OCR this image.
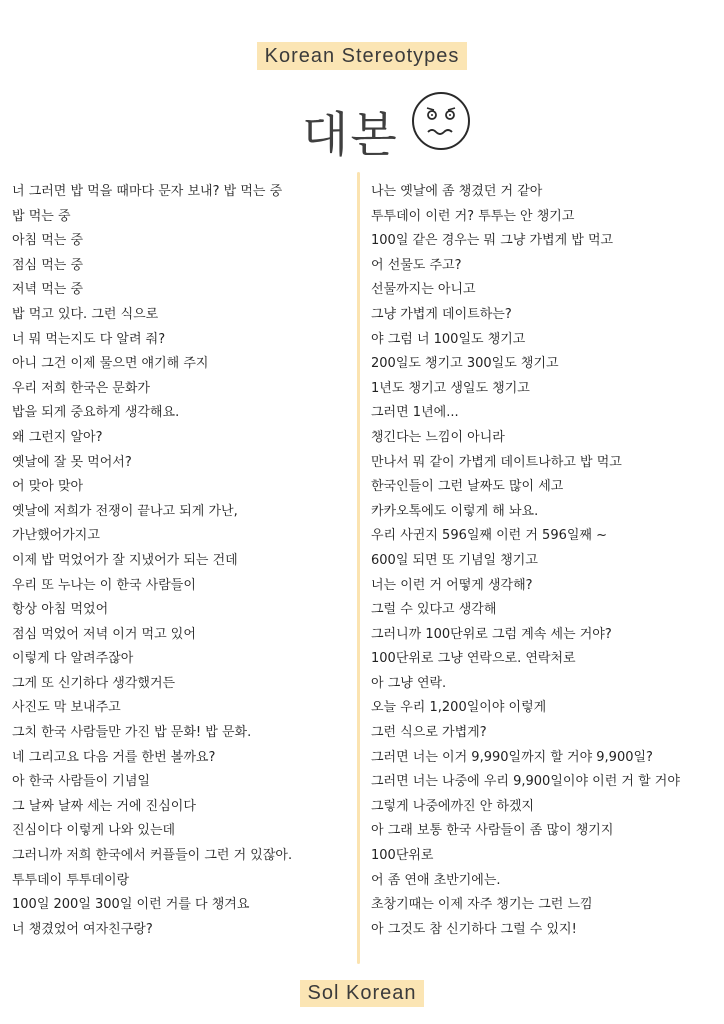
Korean Stereotypes
대본
너 그러면 밥 먹을 때마다 문자 보내? 밥 먹는 중
밥 먹는 중
아침 먹는 중
점심 먹는 중
저녁 먹는 중
밥 먹고 있다. 그런 식으로
너 뭐 먹는지도 다 알려 줘?
아니 그건 이제 물으면 얘기해 주지
우리 저희 한국은 문화가
밥을 되게 중요하게 생각해요.
왜 그런지 알아?
옛날에 잘 못 먹어서?
어 맞아 맞아
옛날에 저희가 전쟁이 끝나고 되게 가난,
가난했어가지고
이제 밥 먹었어가 잘 지냈어가 되는 건데
우리 또 누나는 이 한국 사람들이
항상 아침 먹었어
점심 먹었어 저녁 이거 먹고 있어
이렇게 다 알려주잖아
그게 또 신기하다 생각했거든
사진도 막 보내주고
그치 한국 사람들만 가진 밥 문화! 밥 문화.
네 그리고요 다음 거를 한번 볼까요?
아 한국 사람들이 기념일
그 날짜 날짜 세는 거에 진심이다
진심이다 이렇게 나와 있는데
그러니까 저희 한국에서 커플들이 그런 거 있잖아.
투투데이 투투데이랑
100일 200일 300일 이런 거를 다 챙겨요
너 챙겼었어 여자친구랑?
나는 옛날에 좀 챙겼던 거 같아
투투데이 이런 거? 투투는 안 챙기고
100일 같은 경우는 뭐 그냥 가볍게 밥 먹고
어 선물도 주고?
선물까지는 아니고
그냥 가볍게 데이트하는?
야 그럼 너 100일도 챙기고
200일도 챙기고 300일도 챙기고
1년도 챙기고 생일도 챙기고
그러면 1년에...
챙긴다는 느낌이 아니라
만나서 뭐 같이 가볍게 데이트나하고 밥 먹고
한국인들이 그런 날짜도 많이 세고
카카오톡에도 이렇게 해 놔요.
우리 사귄지 596일째 이런 거 596일째 ~
600일 되면 또 기념일 챙기고
너는 이런 거 어떻게 생각해?
그럴 수 있다고 생각해
그러니까 100단위로 그럼 계속 세는 거야?
100단위로 그냥 연락으로. 연락처로
아 그냥 연락.
오늘 우리 1,200일이야 이렇게
그런 식으로 가볍게?
그러면 너는 이거 9,990일까지 할 거야 9,900일?
그러면 너는 나중에 우리 9,900일이야 이런 거 할 거야
그렇게 나중에까진 안 하겠지
아 그래 보통 한국 사람들이 좀 많이 챙기지
100단위로
어 좀 연애 초반기에는.
초창기때는 이제 자주 챙기는 그런 느낌
아 그것도 참 신기하다 그럴 수 있지!
Sol Korean
